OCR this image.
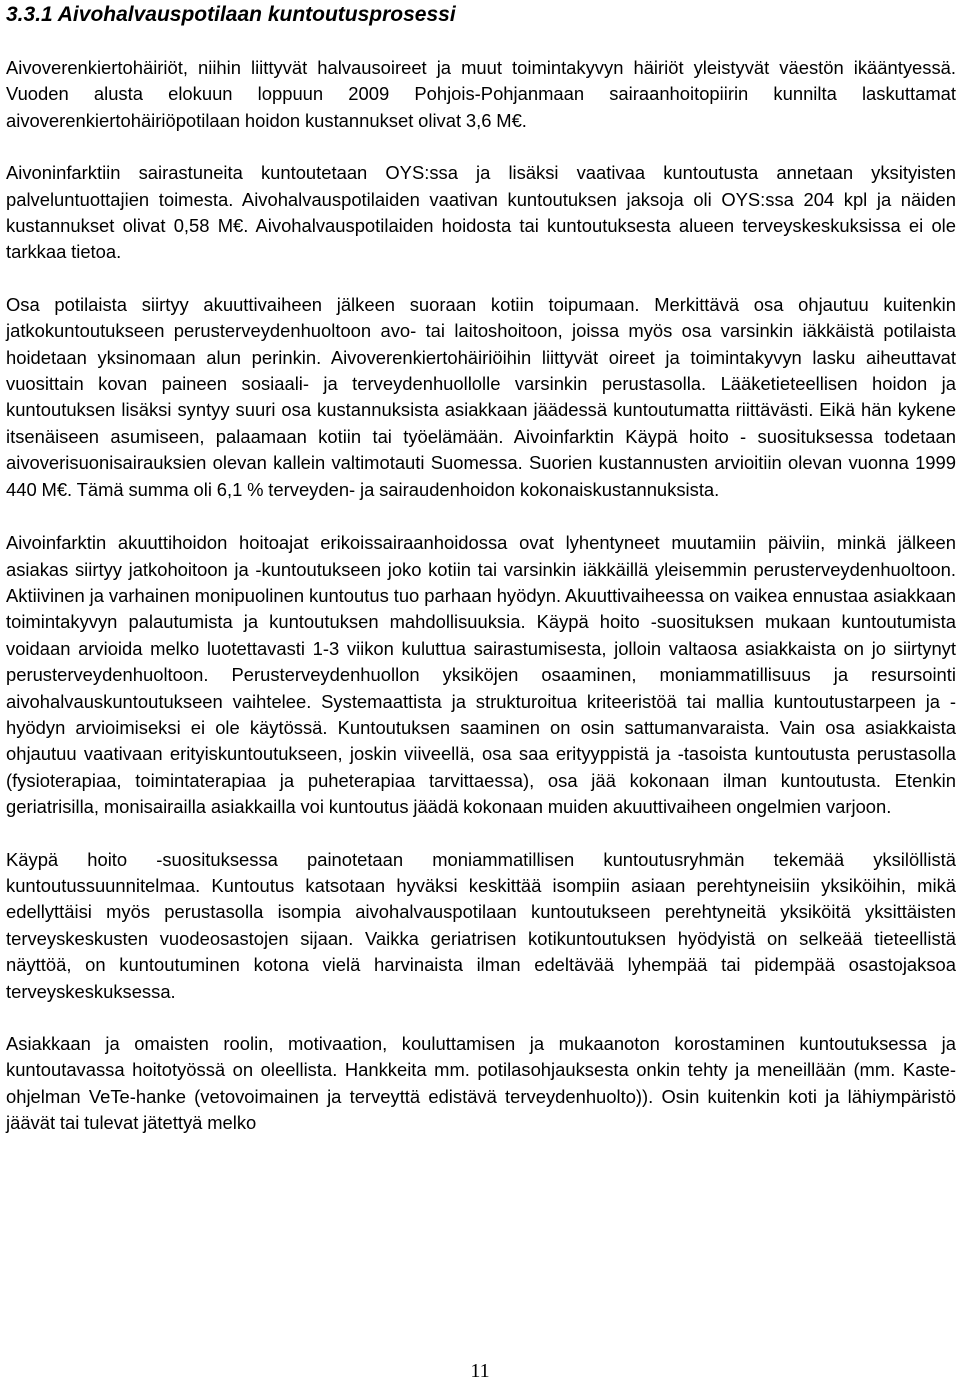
3.3.1 Aivohalvauspotilaan kuntoutusprosessi

Aivoverenkiertohäiriöt, niihin liittyvät halvausoireet ja muut toimintakyvyn häiriöt yleistyvät väestön ikääntyessä. Vuoden alusta elokuun loppuun 2009 Pohjois-Pohjanmaan sairaanhoitopiirin kunnilta laskuttamat aivoverenkiertohäiriöpotilaan hoidon kustannukset olivat 3,6 M€.

Aivoninfarktiin sairastuneita kuntoutetaan OYS:ssa ja lisäksi vaativaa kuntoutusta annetaan yksityisten palveluntuottajien toimesta. Aivohalvauspotilaiden vaativan kuntoutuksen jaksoja oli OYS:ssa 204 kpl ja näiden kustannukset olivat 0,58 M€. Aivohalvauspotilaiden hoidosta tai kuntoutuksesta alueen terveyskeskuksissa ei ole tarkkaa tietoa.

Osa potilaista siirtyy akuuttivaiheen jälkeen suoraan kotiin toipumaan. Merkittävä osa ohjautuu kuitenkin jatkokuntoutukseen perusterveydenhuoltoon avo- tai laitoshoitoon, joissa myös osa varsinkin iäkkäistä potilaista hoidetaan yksinomaan alun perinkin. Aivoverenkiertohäiriöihin liittyvät oireet ja toimintakyvyn lasku aiheuttavat vuosittain kovan paineen sosiaali- ja terveydenhuollolle varsinkin perustasolla. Lääketieteellisen hoidon ja kuntoutuksen lisäksi syntyy suuri osa kustannuksista asiakkaan jäädessä kuntoutumatta riittävästi. Eikä hän kykene itsenäiseen asumiseen, palaamaan kotiin tai työelämään. Aivoinfarktin Käypä hoito - suosituksessa todetaan aivoverisuonisairauksien olevan kallein valtimotauti Suomessa. Suorien kustannusten arvioitiin olevan vuonna 1999 440 M€. Tämä summa oli 6,1 % terveyden- ja sairaudenhoidon kokonaiskustannuksista.

Aivoinfarktin akuuttihoidon hoitoajat erikoissairaanhoidossa ovat lyhentyneet muutamiin päiviin, minkä jälkeen asiakas siirtyy jatkohoitoon ja -kuntoutukseen joko kotiin tai varsinkin iäkkäillä yleisemmin perusterveydenhuoltoon. Aktiivinen ja varhainen monipuolinen kuntoutus tuo parhaan hyödyn. Akuuttivaiheessa on vaikea ennustaa asiakkaan toimintakyvyn palautumista ja kuntoutuksen mahdollisuuksia. Käypä hoito -suosituksen mukaan kuntoutumista voidaan arvioida melko luotettavasti 1-3 viikon kuluttua sairastumisesta, jolloin valtaosa asiakkaista on jo siirtynyt perusterveydenhuoltoon. Perusterveydenhuollon yksiköjen osaaminen, moniammatillisuus ja resursointi aivohalvauskuntoutukseen vaihtelee. Systemaattista ja strukturoitua kriteeristöä tai mallia kuntoutustarpeen ja -hyödyn arvioimiseksi ei ole käytössä. Kuntoutuksen saaminen on osin sattumanvaraista. Vain osa asiakkaista ohjautuu vaativaan erityiskuntoutukseen, joskin viiveellä, osa saa erityyppistä ja -tasoista kuntoutusta perustasolla (fysioterapiaa, toimintaterapiaa ja puheterapiaa tarvittaessa), osa jää kokonaan ilman kuntoutusta. Etenkin geriatrisilla, monisairailla asiakkailla voi kuntoutus jäädä kokonaan muiden akuuttivaiheen ongelmien varjoon.

Käypä hoito -suosituksessa painotetaan moniammatillisen kuntoutusryhmän tekemää yksilöllistä kuntoutussuunnitelmaa. Kuntoutus katsotaan hyväksi keskittää isompiin asiaan perehtyneisiin yksiköihin, mikä edellyttäisi myös perustasolla isompia aivohalvauspotilaan kuntoutukseen perehtyneitä yksiköitä yksittäisten terveyskeskusten vuodeosastojen sijaan. Vaikka geriatrisen kotikuntoutuksen hyödyistä on selkeää tieteellistä näyttöä, on kuntoutuminen kotona vielä harvinaista ilman edeltävää lyhempää tai pidempää osastojaksoa terveyskeskuksessa.

Asiakkaan ja omaisten roolin, motivaation, kouluttamisen ja mukaanoton korostaminen kuntoutuksessa ja kuntoutavassa hoitotyössä on oleellista. Hankkeita mm. potilasohjauksesta onkin tehty ja meneillään (mm. Kaste-ohjelman VeTe-hanke (vetovoimainen ja terveyttä edistävä terveydenhuolto)). Osin kuitenkin koti ja lähiympäristö jäävät tai tulevat jätettyä melko

11
